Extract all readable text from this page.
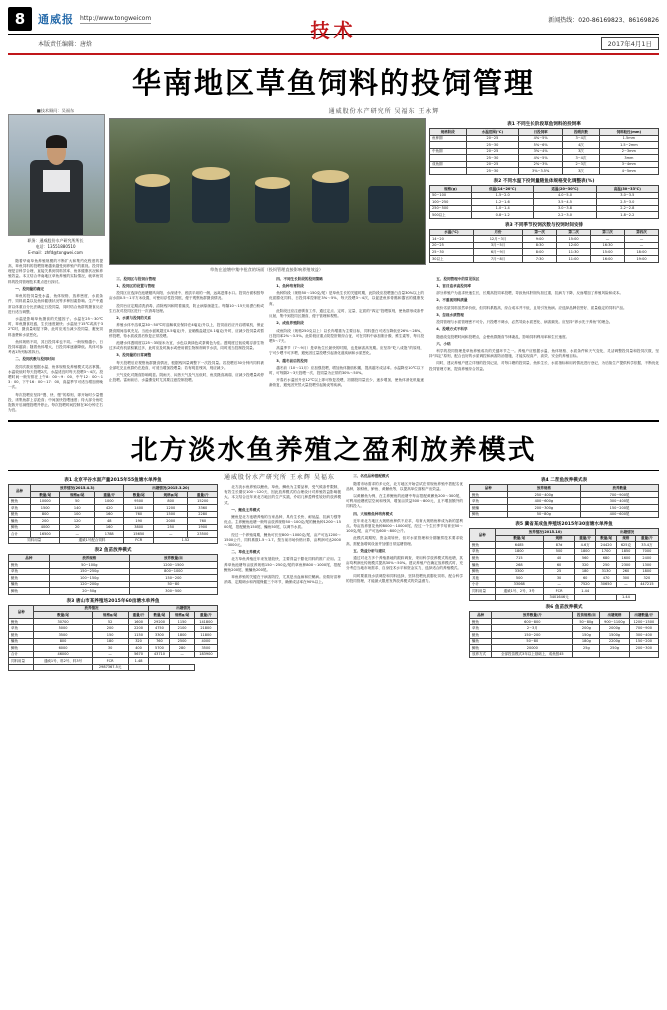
8 通威报 http://www.tongweicom	新闻热线：020-86169823、86169826
本版责任编辑：唐焓	2017年4月1日
技术
华南地区草鱼饲料的投饲管理
■技术顾问：吴福东
职务：通威股份水产研究所所长
电话：13551880510
E-mail：zhfd@tongwei.com

随着华南草鱼养殖规模的不断扩大和集约化程度的提高，草鱼饲料的投喂管理越来越受到养殖户的重视。投饲管理是否科学合理，直接关系到饲料效率、鱼体健康状况和养殖效益。本文结合华南地区草鱼养殖的实际情况，就草鱼饲料的投饲管理技术要点进行探讨。

一、投饲量的确定

草鱼的投饲量受水温、鱼体规格、放养密度、水质条件、饲料质量以及鱼体健康状况等多种因素影响。生产中通常以体重百分比法确定日投饲量，同时结合鱼群的摄食反应进行适当调整。

水温是影响草鱼摄食的关键因子。水温在25～30℃时，草鱼摄食旺盛，生长速度最快；水温低于15℃或高于32℃时，摄食量明显下降，此时应适当减少投饲量，避免饲料浪费和水质恶化。

鱼体规格不同，其日投饲率也不同。一般规格越小，日投饲率越高；随着鱼体增大，日投饲率逐渐降低。具体可参考表1所列标准执行。

二、投饲次数与投饲时间

投饲次数应根据水温、鱼体规格及养殖模式灵活掌握。水温较低时每天投喂2次，水温适宜时每天投喂3～4次。投喂时间一般安排在上午8：00～9：00、中午12：00～13：00、下午16：00～17：00，高温季节可适当增加傍晚一次。

每次投喂应坚持“慢、快、慢”的原则，即开始时少量慢投，诱集鱼群上浮抢食；中间加快投喂速度；待大部分鱼吃饱散开后减慢投喂并停止。每次投喂时间控制在30分钟左右为宜。

通威股份水产研究所 吴福东 王永辉
草鱼在池塘中集中抢食的场面（投饲管理直接影响养殖效益）
表1 不同生长阶段草鱼饲料的投饲率
规格阶段	水温范围(℃)	日投饲率	投喂次数	饲料粒径(mm)
鱼种期	20~25	4%~5%	3~4次	1.5mm
	25~30	5%~6%	4次	1.5~2mm
中鱼期	20~25	3%~4%	3次	2~3mm
	25~30	4%~5%	3~4次	3mm
成鱼期	20~25	2%~3%	2~3次	3~4mm
	25~30	3%~3.5%	3次	4~5mm
表2 不同水温下投饲量随鱼体规格变化调整表(%)
规格(g)	低温(14~20℃)	适温(20~30℃)	高温(30~33℃)
50~100	1.5~2.0	4.0~5.0	3.0~3.5
100~250	1.2~1.6	3.5~4.5	2.5~3.0
250~500	1.0~1.4	3.0~3.8	2.2~2.8
500以上	0.8~1.2	2.2~3.0	1.8~2.2
表3 不同季节投饲次数与投饲时间安排
水温(℃)	月份	第一次	第二次	第三次	第四次
14~20	12月~3月	9:00	15:00	—	—
20~25	3月~5月	8:30	12:00	16:30	—
25~30	6月~9月	8:00	11:30	15:00	18:00
30以上	7月~8月	7:30	11:00	16:00	19:00

三、投饲区与投饲台管理

1、投饲区的设置与管理

投饲区应选择在池塘避风向阳、水深适中、底质平坦的一侧，远离进排水口。投饲台面积按每亩水面0.5～1平方米设置，可使用浮性投饲框，便于观察鱼群摄食情况。

投饲台应定期清洗消毒，清除残饵和附着藻类，防止病原菌滋生。每隔10～15天用漂白粉或生石灰对投饲区进行一次消毒处理。

2、水质与投饲的关系

养殖水体中溶氧量30～50℃时溶解氧应保持在4毫克/升以上，投饲前后应开启增氧机，保证摄食期间溶氧充足。当池水氨氮超过0.5毫克/升、亚硝酸盐超过0.1毫克/升时，应减少投饲量或暂停投喂，待水质改善后恢复正常投喂。

池塘水体透明度以25～35厘米为宜，水色以黄绿色或茶褐色为佳。透明度过低说明浮游生物过多或有机质积累过多，此时应及时换水或使用微生物制剂调节水质，同时适当控制投饲量。

3、投饲量的日常调整

每天投喂后应观察鱼群摄食情况，根据残饵量调整下一次投饲量。若投喂后30分钟内饲料被全部吃完且鱼群仍在抢食，可适当增加投喂量；若有明显残饵，则应减少。

天气变化对摄食影响明显。阴雨天、闷热天气及气压低时，鱼类摄食减弱，应减少投喂量或停止投喂。雷雨前后、水温骤变时尤其要注意控制投喂。

四、不同生长阶段的投饲策略

1、鱼种培育阶段

鱼种阶段（规格50～150克/尾）是草鱼生长的关键时期，此阶段应投喂蛋白含量30%以上的优质膨化饲料，日投饲率控制在3%～5%，每天投喂3～4次，以促进鱼体骨骼和器官的健康发育。

此阶段还应注意驯食工作，通过定点、定时、定量、定质的“四定”投喂原则，使鱼群形成条件反射，集中到投饲区摄食，便于管理和观察。

2、成鱼养殖阶段

成鱼阶段（规格250克以上）以长肉增重为主要目标，饲料蛋白可适当降低至26%～28%，日投饲率2%～3.5%。此阶段应重点防控肝胆综合征，可在饲料中添加胆汁酸、维生素等，每月投喂5～7天。

高温季节（7～9月）是草鱼生长最快的时期，也是病害高发期。应坚持“吃八成饱”的原则，宁可少喂不可多喂，避免因过量投喂引起消化道疾病和水质恶化。

3、越冬前后的投饲

越冬前（10～11月）应加强投喂，增加鱼体脂肪积累，提高越冬成活率。水温降至10℃以下时，可每隔2～3天投喂一次，投饲量为正常的30%～50%。

开春后水温回升至12℃以上即可恢复投喂，初期投饲量宜少，逐步增加，使鱼体消化机能逐渐恢复，避免因突然大量投喂引起肠炎等疾病。

五、投饲管理中的常见误区

1、盲目追求高投饲率

部分养殖户为追求快速生长，长期高投饲率投喂，导致鱼体肝胆负担过重，抗病力下降，反而增加了养殖风险和成本。

2、不重视饲料质量

低价劣质饲料虽然单价低，但饲料系数高，综合成本并不低，且易引发鱼病。应选择品牌信誉好、质量稳定的饲料产品。

3、忽视水质管理

投饲管理与水质管理密不可分。只投喂不调水，必然导致水质恶化、病害频发。应坚持“养水先于养鱼”的理念。

4、投喂方式不科学

随意改变投喂时间和投喂点，会使鱼群摄食节律紊乱，影响饲料利用率和生长速度。

六、小结

科学的投饲管理是草鱼养殖成功的关键环节之一。养殖户应根据水温、鱼体规格、水质条件和天气变化，灵活调整投饲量和投饲次数，坚持“四定”原则，配合良好的水质调控和病害防治措施，才能实现高产、高效、安全的养殖目标。

同时，建议养殖户建立详细的投饲记录，对每口塘的投饲量、鱼体生长、水质指标和用药情况进行登记，为后续生产提供科学依据，不断优化投饲管理方案，提高养殖综合效益。

北方淡水鱼养殖之盈利放养模式
表1 北京平谷水面产量2015年55鱼塘水单养鱼
品种	放养情况(2015.4.3)			出塘情况(2015.3.20)		
	数量/尾	规格g/尾	重量/斤	数量/尾	规格g/尾	重量/斤
鲤鱼	10000	50	1000	9500	800	15200
草鱼	1500	140	420	1400	1200	3360
鲢鱼	800	100	160	760	1500	2280
鳙鱼	200	120	48	190	2000	760
鲫鱼	4000	20	160	3800	250	1900
合计	16500	—	1788	15650	—	23500
饲料用量		通威1号配合饲料		FCR	1.52	
表2 鱼苗放养模式
品种	放养规格	放养数量/亩
鲤鱼	50~100g	1200~1500
草鱼	150~250g	800~1000
鲢鱼	100~150g	150~200
鳙鱼	120~200g	50~80
鲫鱼	20~50g	300~500
表3 唐山市某养殖场2015年60亩塘水单养鱼
品种	放养情况			出塘情况		
	数量/尾	规格g/尾	重量/斤	数量/尾	规格g/尾	重量/斤
鲤鱼	30700	52	1600	29200	1150	141800
草鱼	5000	200	2200	4750	2100	21800
鲢鱼	3500	150	1150	3300	1800	11800
鳙鱼	800	180	320	760	2500	4000
鲫鱼	6000	30	400	5700	280	3500
合计	46000	—	5670	43710	—	183900
饲料用量	通威1号、料2号、料3号	FCR	1.48			
		2987367.5元				
通威股份水产研究所 王永辉 吴福东

北方淡水鱼养殖以鲤鱼、草鱼、鲫鱼为主要品种，受气候条件限制，有效生长期仅100～120天，因此放养模式的合理设计对养殖效益影响极大。本文结合近年来北方地区的生产实践，介绍几种盈利性较好的放养模式。

一、鲤鱼主养模式

鲤鱼是北方池塘养殖的当家品种，具有生长快、耐低温、抗病力强等优点。主养鲤鱼池塘一般每亩放养规格50～100克/尾的鲤鱼种1200～1500尾，搭配鲢鱼150尾、鳙鱼50尾，以调节水质。

经过一个养殖周期，鲤鱼可长至800～1000克/尾，亩产可达1200～1500公斤，饲料系数1.5～1.7。按当前市场价格计算，亩利润可达2000～3000元。

二、草鱼主养模式

北方草鱼养殖近年来发展较快，主要得益于膨化饲料的推广应用。主养草鱼池塘每亩放养规格150～250克/尾的草鱼种800～1000尾，搭配鲤鱼200尾、鲢鳙鱼200尾。

草鱼养殖的关键在于病害防控，尤其是出血病和烂鳃病。应做好苗种消毒、定期调水和内服保健三个环节，确保成活率在90%以上。

三、名优品种搭配模式

随着市场需求的多元化，北方地区开始尝试在常规鱼养殖中搭配名优品种，如鲟鱼、鲈鱼、黄颡鱼等，以提高单位面积产出效益。

以黄颡鱼为例，在主养鲤鱼的池塘中每亩搭配黄颡鱼200～300尾，可利用池塘底层空间和残饵，增加亩效益500～800元，且不增加额外的饲料投入。

四、大规格鱼种培育模式

近年来北方地区大规格鱼种供不应求，培育大规格鱼种成为新的盈利点。每亩放养夏花鱼种8000～10000尾，经过一个生长季节培育至50～100克/尾，亩产可达600～800公斤。

此模式周期短、资金周转快，但对水质管理和分期捕捞技术要求较高，需配备增氧设备并加强日常巡塘管理。

五、效益分析与建议

通过对北方多个养殖基地的跟踪调查，采用科学放养模式的池塘，其亩均利润比传统模式提高30%～50%。建议养殖户在确定放养模式时，充分考虑当地市场需求、自身技术水平和资金实力，选择适合的养殖模式。

同时要重视水质调控和饲料选择，坚持投喂优质膨化饲料，配合科学的投饲管理，才能最大限度发挥放养模式的效益潜力。

表4 二茬鱼放养模式表
品种	放养规格	放养数量
鲤鱼	250~400g	700~900尾
草鱼	400~600g	300~400尾
鲢鳙	200~300g	150~200尾
鲫鱼	50~80g	400~600尾
表5 冀省某成鱼养殖场2015年30亩塘水单养鱼
品种	放养情况(2015.10)			出塘情况		
	数量/尾	规格	重量/斤	数量/尾	规格	重量/斤
鲤鱼	6485	87d	4.6万	24420	625克	33.4万
草鱼	1800	500	1800	1700	1850	7000
鲢鱼	715	40	560	680	1600	2400
鳙鱼	268	60	320	250	2300	1300
鲫鱼	3300	25	180	3130	260	1800
其他	500	30	60	470	300	320
小计	33068	—	7520	30650	—	447215
饲料用量	通威1号、2号、3号	FCR	1.44			
		3401646元			1.44	
表6 鱼苗放养模式
品种	放养数量/斤	投苗规格/亩	出塘规格	出塘数量/斤
鲤鱼	600~800	50~80g	900~1100g	1200~1500
草鱼	2~3月	200g	2000g	700~900
鲢鱼	150~200	150g	1500g	300~400
鳙鱼	50~80	180g	2200g	150~200
鲫鱼	20000	25g	250g	200~300
放养方式	全部投苗模式3年以上基础上，成鱼按45			
